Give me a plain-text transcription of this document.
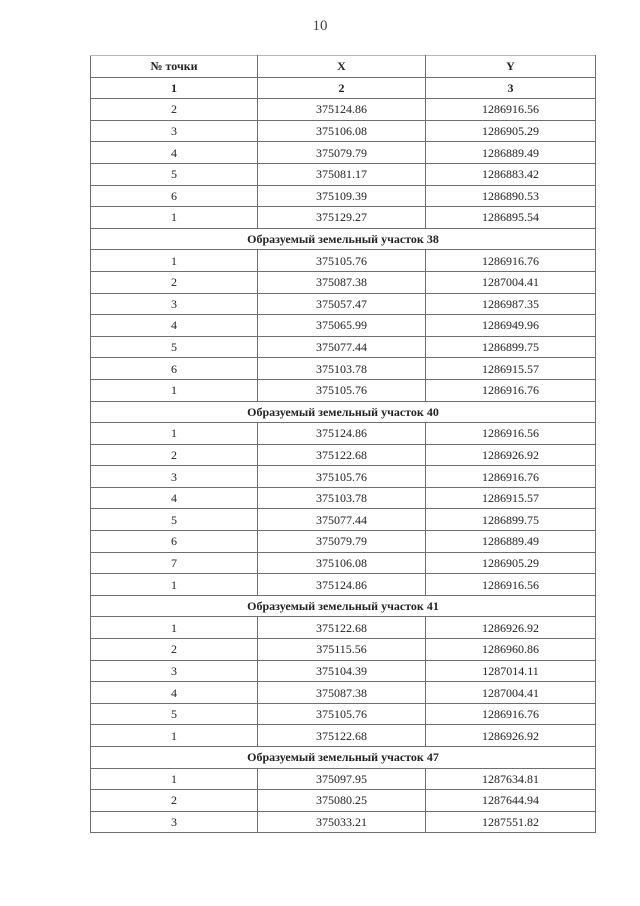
10
№ точки	X	Y
1	2	3
2	375124.86	1286916.56
3	375106.08	1286905.29
4	375079.79	1286889.49
5	375081.17	1286883.42
6	375109.39	1286890.53
1	375129.27	1286895.54
Образуемый земельный участок 38		
1	375105.76	1286916.76
2	375087.38	1287004.41
3	375057.47	1286987.35
4	375065.99	1286949.96
5	375077.44	1286899.75
6	375103.78	1286915.57
1	375105.76	1286916.76
Образуемый земельный участок 40		
1	375124.86	1286916.56
2	375122.68	1286926.92
3	375105.76	1286916.76
4	375103.78	1286915.57
5	375077.44	1286899.75
6	375079.79	1286889.49
7	375106.08	1286905.29
1	375124.86	1286916.56
Образуемый земельный участок 41		
1	375122.68	1286926.92
2	375115.56	1286960.86
3	375104.39	1287014.11
4	375087.38	1287004.41
5	375105.76	1286916.76
1	375122.68	1286926.92
Образуемый земельный участок 47		
1	375097.95	1287634.81
2	375080.25	1287644.94
3	375033.21	1287551.82
